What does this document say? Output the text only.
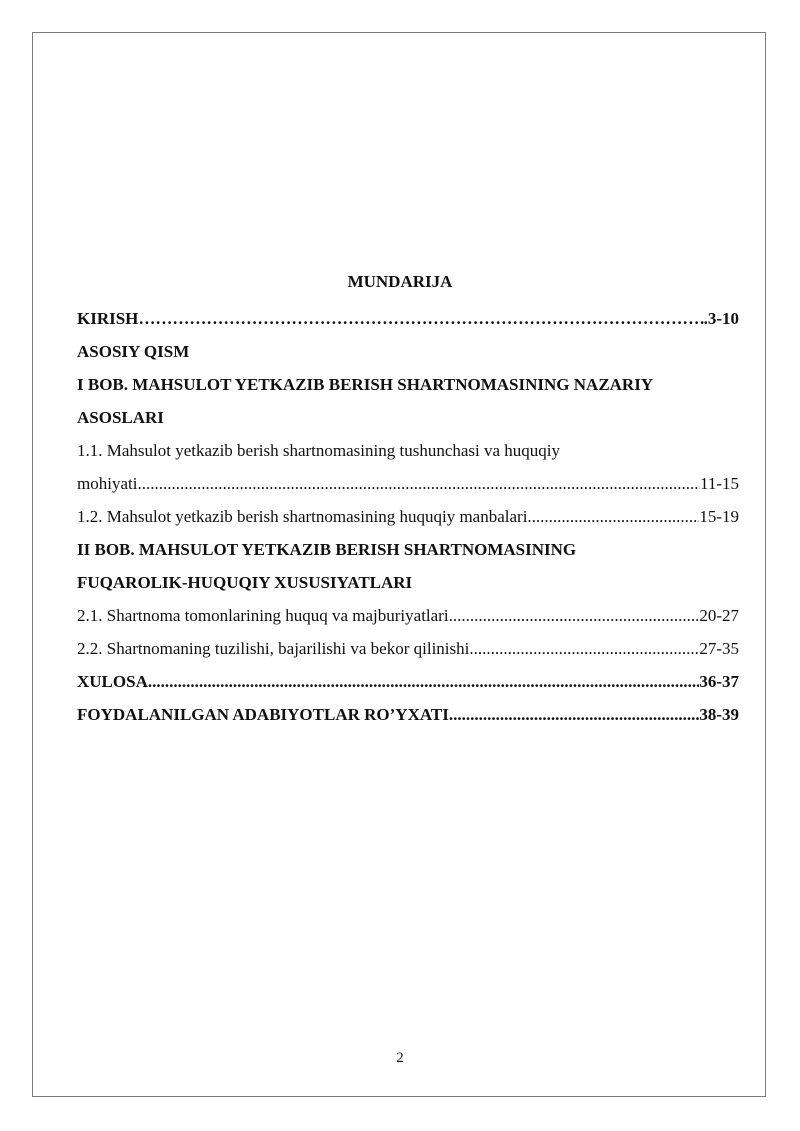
MUNDARIJA
KIRISH ……………………………………………………………………………………………………………………………………………………………………………………………………	.3-10
ASOSIY QISM
I BOB. MAHSULOT YETKAZIB BERISH SHARTNOMASINING NAZARIY
ASOSLARI
1.1. Mahsulot yetkazib berish shartnomasining tushunchasi va huquqiy
mohiyati .....	11-15
1.2. Mahsulot yetkazib berish shartnomasining huquqiy manbalari .....	15-19
II BOB. MAHSULOT YETKAZIB BERISH SHARTNOMASINING
FUQAROLIK-HUQUQIY XUSUSIYATLARI
2.1. Shartnoma tomonlarining huquq va majburiyatlari .....	20-27
2.2. Shartnomaning tuzilishi, bajarilishi va bekor qilinishi .....	27-35
XULOSA .....	36-37
FOYDALANILGAN ADABIYOTLAR RO’YXATI .....	38-39
2
